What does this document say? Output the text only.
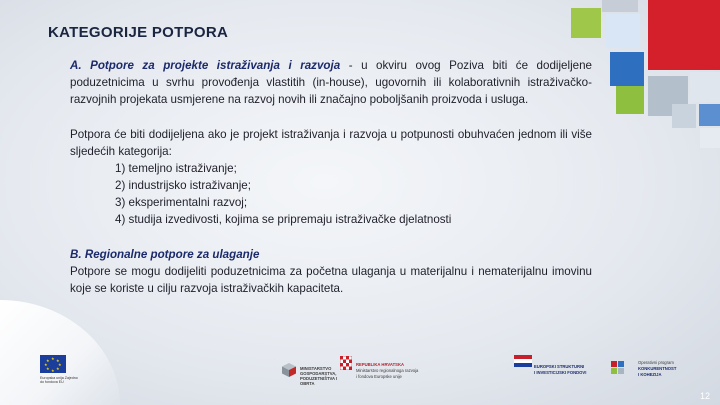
KATEGORIJE POTPORA

A. Potpore za projekte istraživanja i razvoja - u okviru ovog Poziva biti će dodijeljene poduzetnicima u svrhu provođenja vlastitih (in-house), ugovornih ili kolaborativnih istraživačko-razvojnih projekata usmjerene na razvoj novih ili značajno poboljšanih proizvoda i usluga.

Potpora će biti dodijeljena ako je projekt istraživanja i razvoja u potpunosti obuhvaćen jednom ili više sljedećih kategorija:

1) temeljno istraživanje;
2) industrijsko istraživanje;
3) eksperimentalni razvoj;
4) studija izvedivosti, kojima se pripremaju istraživačke djelatnosti

B. Regionalne potpore za ulaganje

Potpore se mogu dodijeliti poduzetnicima za početna ulaganja u materijalnu i nematerijalnu imovinu koje se koriste u cilju razvoja istraživačkih kapaciteta.

★ ★
★
★
★
★
★
★
Europska unija Zajedno do fondova EU
MINISTARSTVO GOSPODARSTVA, PODUZETNIŠTVA I OBRTA
REPUBLIKA HRVATSKA
Ministarstvo regionalnoga razvoja
i fondova Europske unije
EUROPSKI STRUKTURNI
I INVESTICIJSKI FONDOVI
Operativni program
KONKURENTNOST
I KOHEZIJA
12
